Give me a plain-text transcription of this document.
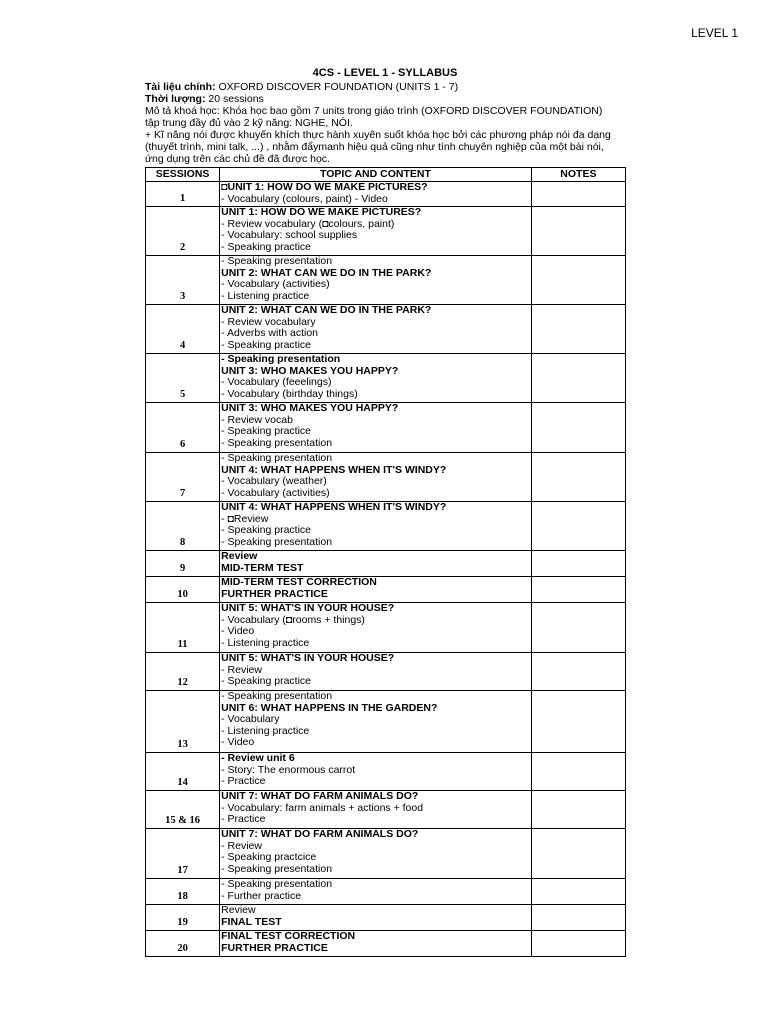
LEVEL 1
4CS - LEVEL 1 - SYLLABUS
Tài liệu chính: OXFORD DISCOVER FOUNDATION (UNITS 1 - 7)
Thời lượng: 20 sessions
Mô tả khoá học: Khóa học bao gồm 7 units trong giáo trình (OXFORD DISCOVER FOUNDATION)
tập trung đầy đủ vào 2 kỹ năng: NGHE, NÓI.
+ Kĩ năng nói được khuyến khích thực hành xuyên suốt khóa học bởi các phương pháp nói đa dạng
(thuyết trình, mini talk, ...) , nhằm đẩymanh hiệu quả cũng như tính chuyên nghiệp của một bài nói,
ứng dụng trên các chủ đề đã được học.
SESSIONS	TOPIC AND CONTENT	NOTES
1	◘UNIT 1: HOW DO WE MAKE PICTURES?
- Vocabulary (colours, paint) - Video	

2	UNIT 1: HOW DO WE MAKE PICTURES?
- Review vocabulary (◘colours, paint)
- Vocabulary: school supplies
- Speaking practice	

3	- Speaking presentation
UNIT 2: WHAT CAN WE DO IN THE PARK?
- Vocabulary (activities)
- Listening practice	

4	UNIT 2: WHAT CAN WE DO IN THE PARK?
- Review vocabulary
- Adverbs with action
- Speaking practice	

5	- Speaking presentation
UNIT 3: WHO MAKES YOU HAPPY?
- Vocabulary (feeelings)
- Vocabulary (birthday things)	

6	UNIT 3: WHO MAKES YOU HAPPY?
- Review vocab
- Speaking practice
- Speaking presentation	

7	- Speaking presentation
UNIT 4: WHAT HAPPENS WHEN IT'S WINDY?
- Vocabulary (weather)
- Vocabulary (activities)	

8	UNIT 4: WHAT HAPPENS WHEN IT'S WINDY?
- ◘Review
- Speaking practice
- Speaking presentation	

9	Review
MID-TERM TEST	

10	MID-TERM TEST CORRECTION
FURTHER PRACTICE	

11	UNIT 5: WHAT'S IN YOUR HOUSE?
- Vocabulary (◘rooms + things)
- Video
- Listening practice	

12	UNIT 5: WHAT'S IN YOUR HOUSE?
- Review
- Speaking practice	

13	- Speaking presentation
UNIT 6: WHAT HAPPENS IN THE GARDEN?
- Vocabulary
- Listening practice
- Video	

14	- Review unit 6
- Story: The enormous carrot
- Practice	

15 & 16	UNIT 7: WHAT DO FARM ANIMALS DO?
- Vocabulary: farm animals + actions + food
- Practice	

17	UNIT 7: WHAT DO FARM ANIMALS DO?
- Review
- Speaking practcice
- Speaking presentation	

18	- Speaking presentation
- Further practice	

19	Review
FINAL TEST	

20	FINAL TEST CORRECTION
FURTHER PRACTICE	
